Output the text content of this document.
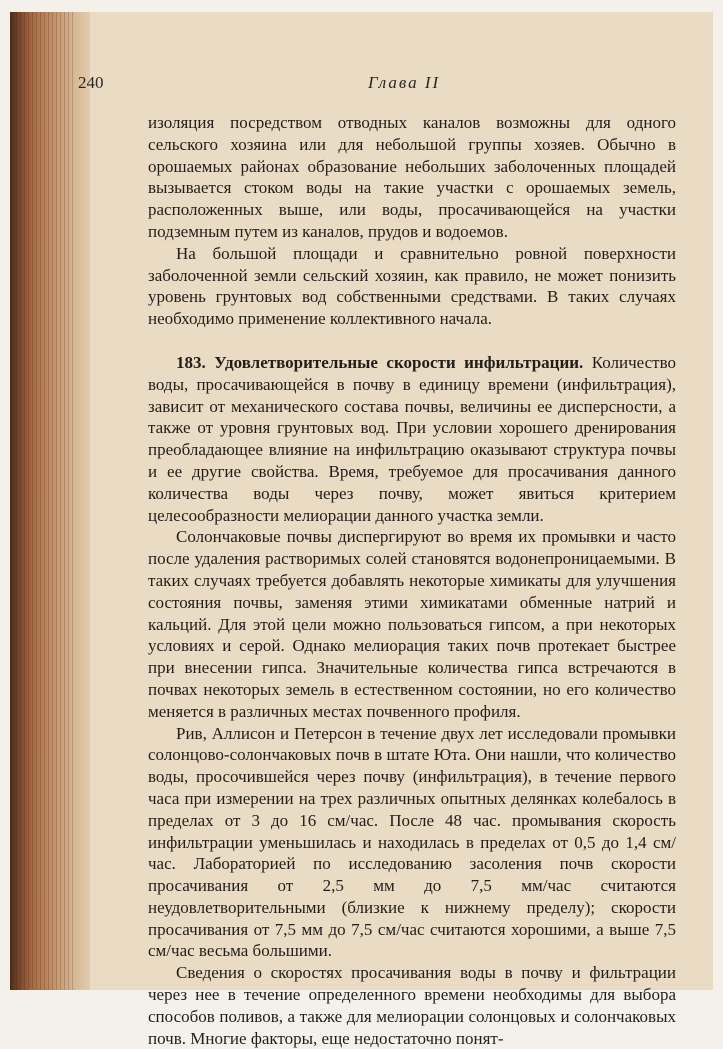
240	Глава II

изоляция посредством отводных каналов возможны для одного сельского хозяина или для небольшой группы хозяев. Обычно в орошаемых районах образование небольших заболоченных площадей вызывается стоком воды на такие участки с орошаемых земель, расположенных выше, или воды, просачивающейся на участки подземным путем из каналов, прудов и водоемов.

На большой площади и сравнительно ровной поверхности заболоченной земли сельский хозяин, как правило, не может понизить уровень грунтовых вод собственными средствами. В таких случаях необходимо применение коллективного начала.

183. Удовлетворительные скорости инфильтрации. Количество воды, просачивающейся в почву в единицу времени (инфильтрация), зависит от механического состава почвы, величины ее дисперсности, а также от уровня грунтовых вод. При условии хорошего дренирования преобладающее влияние на инфильтрацию оказывают структура почвы и ее другие свойства. Время, требуемое для просачивания данного количества воды через почву, может явиться критерием целесообразности мелиорации данного участка земли.

Солончаковые почвы диспергируют во время их промывки и часто после удаления растворимых солей становятся водонепроницаемыми. В таких случаях требуется добавлять некоторые химикаты для улучшения состояния почвы, заменяя этими химикатами обменные натрий и кальций. Для этой цели можно пользоваться гипсом, а при некоторых условиях и серой. Однако мелиорация таких почв протекает быстрее при внесении гипса. Значительные количества гипса встречаются в почвах некоторых земель в естественном состоянии, но его количество меняется в различных местах почвенного профиля.

Рив, Аллисон и Петерсон в течение двух лет исследовали промывки солонцово-солончаковых почв в штате Юта. Они нашли, что количество воды, просочившейся через почву (инфильтрация), в течение первого часа при измерении на трех различных опытных делянках колебалось в пределах от 3 до 16 см/час. После 48 час. промывания скорость инфильтрации уменьшилась и находилась в пределах от 0,5 до 1,4 см/час. Лабораторией по исследованию засоления почв скорости просачивания от 2,5 мм до 7,5 мм/час считаются неудовлетворительными (близкие к нижнему пределу); скорости просачивания от 7,5 мм до 7,5 см/час считаются хорошими, а выше 7,5 см/час весьма большими.

Сведения о скоростях просачивания воды в почву и фильтрации через нее в течение определенного времени необходимы для выбора способов поливов, а также для мелиорации солонцовых и солончаковых почв. Многие факторы, еще недостаточно понят-
